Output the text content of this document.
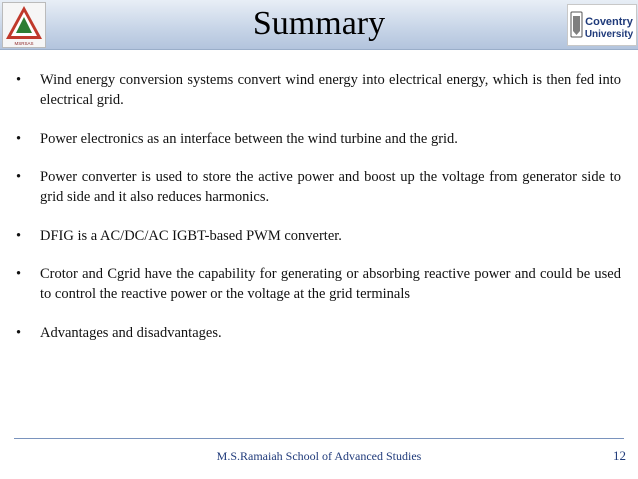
MSRSAS
Summary	Coventry
University
• Wind energy conversion systems convert wind energy into electrical energy, which is then fed into electrical grid.
• Power electronics as an interface between the wind turbine and the grid.
• Power converter is used to store the active power and boost up the voltage from generator side to grid side and it also reduces harmonics.
• DFIG is a AC/DC/AC IGBT-based PWM converter.
• Crotor and Cgrid have the capability for generating or absorbing reactive power and could be used to control the reactive power or the voltage at the grid terminals
• Advantages and disadvantages.
M.S.Ramaiah School of Advanced Studies	12
